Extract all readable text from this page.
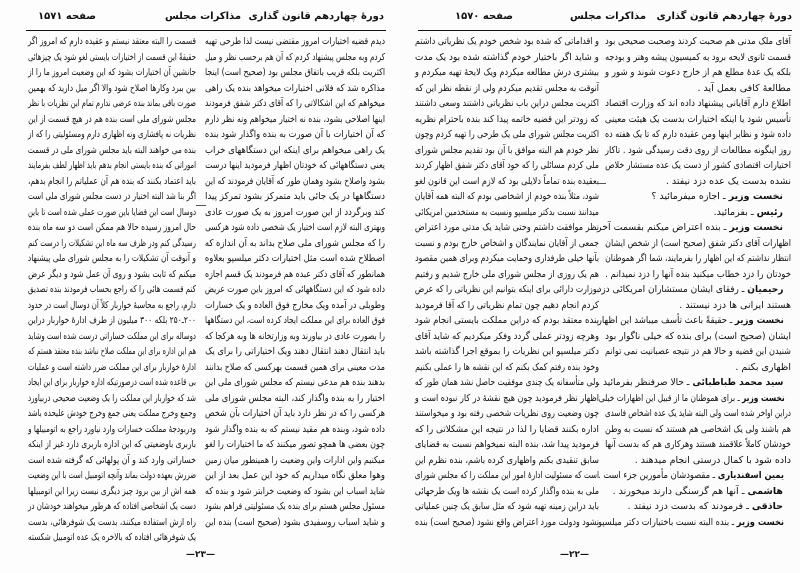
صفحه ۱۵۷۱	مذاکرات مجلس دورهٔ چهاردهم قانون گذاری
دیدم قضیه اختیارات امروز مقتضی نیست لذا طرحی تهیه
کردم وبه مجلس پیشنهاد کردم که آن هم برحسب نظر و میل
اکثریت بلکه قریب باتفاق مجلس بود (صحیح است) اینجا
مذاکره شد که فلانی اختیارات میخواهد بنده یک راهی
میخواهم که این اشکالاتی را که آقای دکتر شفق فرمودند
اینها اصلاحی بشود، بنده نه اختیار میخواهم ونه نظر دارم
که آن اختیارات با آن صورت به بنده واگذار شود بنده
یک راهی میخواهم برای اینکه این دستگاههای خراب
یعنی دستگاههائی که خودتان اظهار فرمودید اینها درست
بشود واصلاح بشود وهمان طور که آقایان فرمودند که این
دستگاهها در یک جائی باید متمرکز بشود تمرکز پیدا
کند وبرگردد از این صورت امروز به یک صورت عادی
وبهتری البته لازم است اختیار یک شخصی داده شود هرکسی
را که مجلس شورای ملی صلاح بداند به آن اندازه که
اصطلاح شده است مثل اختیارات دکتر میلسپو بعلاوه
همانطور که آقای دکتر عبده هم فرمودند یک قسم اجازه
داده شود که این دستگاههائی که امروز باین صورت عریض
وطویلی در آمده ویک مخارج فوق العاده و یک خسارات
فوق العاده برای این مملکت ایجاد کرده است، این دستگاهها
را بصورت عادی در بیاورند وبه وزارتخانه ها وبه هرکجا که
باید انتقال دهند انتقال دهند ویک اختیاراتی را برای یک
مدت معینی برای همین قسمت بهرکسی که صلاح بدانند
بدهند بنده هم مدعی نیستم که مجلس شورای ملی این
اختیار را به بنده واگذار کند، البته مجلس شورای ملی
هرکسی را که در نظر دارد باید آن اختیارات بآن شخص
داده شود، وبنده هم مقید نیستم که به بنده واگذار شود
چون بعضی ها همچو تصور میکنند که ما اختیارات را لغو
میکنیم واین ادارات واین وضعیت را همینطور میان زمین
وهوا معلق نگاه میداریم که خود این عمل بعد از این
شاید اسباب این بشود که وضعیت خرابتر شود و بنده که
مسئول مجلس هستم برای بنده یک مسئولیتی فراهم بشود
و شاید اسباب روسفیدی بشود (صحیح است) بنده این
قسمت را البته معتقد نیستم و عقیده دارم که امروز اگر
حقیقةً این قسمت از اختیارات بایستی لغو شود یک چیزهائی
جانشین آن اختیارات بشود که این وضعیت امروز ما را از
بین ببرد وکارها اصلاح شود والا اگر میل دارید که بهمین
صورت باقی بماند بنده عرضی ندارم تمام این نظریات با نظر
مجلس شورای ملی است بنده هم در هیچ قسمت از این
نظریات نه پافشاری ونه اظهاری دارم ومسئولیتی را که از
بنده می خواهند البته باید مجلس شورای ملی در قسمت
اموراتی که بنده بایستی انجام بدهم باید اظهار لطف بفرمایند
باید اعتماد بکنند که بنده هم آن عملیاتم را انجام بدهم،
اگر بنا شد البته اختیار در دست مجلس شورای ملی است
دوسال است این قضایا باین صورت عملی شده است تا باین
حال امروز رسیده حالا هم ممکن است دو سه ماه بنده
رسیدگی کنم ودر ظرف سه ماه این تشکیلات را درست کنم
و آنوقت آن تشکیلات را به مجلس شورای ملی پیشنهاد
میکنم که ثابت بشود و روی آن عمل شود و دیگر عرض
کنم قسمت هائی را که راجع بحساب فرمودند بنده تصدیق
دارم، راجع به محاسبهٔ خواربار کلاً آن دوسال است در حدود
۲۰۰ـ۲۵۰ بلکه ۳۰۰ میلیون از طرف ادارهٔ خواربار دراین
دوساله برای این مملکت خساراتی درست شده است وشاید
هم این اداره برای این مملکت صلاح نباشد بنده معتقد هستم که
ادارهٔ خواربار برای این مملکت ضرر داشته است و عملیات
بی قاعده شده است درصورتیکه اداره خواربار برای این ایجاد
شد که خواربار این مملکت را یک وضعیت صحیحی دربیاورد
وجمع وخرج مملکت یعنی جمع وخرج خودش علیحده باشد
ودربودجهٔ مملکت خسارات وارد نیاورد راجع به اتومبیلها و
باربری باوضعیتی که این اداره باربری دارد غیر از اینکه
خساراتی وارد کند و آن پولهائی که گرفته شده است
ضررش بعهده دولت بماند وآنچه اتومبیل است با این وضعیت
همه اش از بین برود چیز دیگری نیست زیرا این اتومبیلها
دست یک اشخاصی افتاده که هرطور میخواهند خودشان در
راه ازش استفاده میکنند، بدست یک شوفرهائی، بدست
یک شوفرهائی افتاده که بالاخره یک عده اتومبیل شکسته
—۲۳—
صفحه ۱۵۷۰	مذاکرات مجلس دورهٔ چهاردهم قانون گذاری
آقای ملک مدنی هم صحبت کردند وصحبت صحیحی بود
قسمت ثانوی لایحه برود به کمیسیون پیشه وهنر و بودجه
بلکه یک عدهٔ مطلع هم از خارج دعوت شوند و شور و
مطالعهٔ کافی بعمل آید .
اطلاع دارم آقایانی پیشنهاد داده اند که وزارت اقتصاد
تأسیس شود یا اینکه اختیارات بدست یک هیئت معینی
داده شود و نظایر اینها ومن عقیده دارم که تا یک هفته ده
روز اینگونه مطالعات از روی دقت رسیدگی شود . تاکار
اختیارات اقتصادی کشور از دست یک عده مستشار خلاص
نشده بدست یک عده دزد نیفتد .
نخست وزیر ـ اجازه میفرمائید ؟
رئیس ـ بفرمائید.
نخست وزیر ـ بنده اعتراض میکنم بقسمت آخر
اظهارات آقای دکتر شفق (صحیح است) از شخص ایشان
انتظار نداشتم که این اظهار را بفرمایند، شما اگر هموطنان
خودتان را دزد خطاب میکنید بنده آنها را دزد نمیدانم .
رحیمیان ـ رفقای ایشان مستشاران امریکائی دزد
هستند ایرانی ها دزد نیستند .
نخست وزیر ـ حقیقةً باعث تأسف میباشد این اظهار
ایشان (صحیح است) برای بنده که خیلی ناگوار بود
شنیدن این قضیه و حالا هم در نتیجه عصبانیت نمی توانم
اظهاری بکنم .
سید محمد طباطبائی ـ حالا صرفنظر بفرمائید .
نخست وزیر ـ برای هموطنان ما از قبیل این اظهارات خیلی
دراین اواخر شده است ولی البته شاید یک عده اشخاص فاسدی
هم باشند ولی یک اشخاصی هم هستند که نسبت به وطن
خودشان کاملاً علاقمند هستند وهرکاری هم که بدست آنها
داده شود با کمال درستی انجام میدهند .
یمین اسفندیاری ـ مقصودشان مأمورین جزء است .
هاشمی ـ آنها هم گرسنگی دارند میخورند .
حاذقی ـ فرمودند که بدست دزد نیفتد .
نخست وزیر ـ بنده البته نسبت باختیارات دکتر میلسپو
و اقداماتی که شده بود شخص خودم یک نظریاتی داشتم
و شاید اگر باختیار خودم گذاشته شده بود یک مدت
بیشتری درش مطالعه میکردم ویک لایحهٔ تهیه میکردم و
آنوقت به مجلس تقدیم میکردم ولی از نقطه نظر این که
اکثریت مجلس دراین باب نظریاتی داشتند وسعی داشتند
که زودتر این قضیه خاتمه پیدا کند بنده باحترام نظریه
اکثریت مجلس شورای ملی یک طرحی را تهیه کردم وچون
نظر خودم هم البته موافق با آن بود تقدیم مجلس شورای
ملی کردم مسائلی را که خود آقای دکتر شفق اظهار کردند
بعقیده بنده تماماً دلایلی بود که لازم است این قانون لغو
شود، مثلاً بنده خودم از اشخاصی بودم که البته همه آقایان
میدانند نسبت بدکتر میلسپو ونسبت به مستخدمین امریکائی
نظر موافقت داشتم وحتی شاید یک مدتی مورد اعتراض
جمعی از آقایان نمایندگان و اشخاص خارج بودم و نسبت
بآنها خیلی طرفداری وحمایت میکردم وبرای همین مقصود
هم یک روزی از مجلس شورای ملی خارج شدیم و رفتیم
بوزارت دارائی برای اینکه بتوانیم این نظریاتی را که عرض
کردم انجام دهیم چون تمام نظریاتی را که آقا فرمودید
بنده معتقد بودم که دراین مملکت بایستی انجام شود
وهرچه زودتر عملی گردد وفکر میکردیم که شاید آقای
دکتر میلسپو این نظریات را بموقع اجرا گذاشته باشد
وخود بنده رفتم کمک بکنم که این نقشه ها را عملی بکنیم
ولی متأسفانه یک چندی موفقیت حاصل نشد همان طور که
اظهار نظر فرمودید چون هیچ نقشهٔ در کار نبوده است و
چون وضعیت روی نظریات شخصی رفته بود و میخواستند
اداره بکنند قضایا را لذا در نتیجه این مشکلاتی را که
فرمودید پیدا شد، بنده البته نمیخواهم نسبت به قضایای
سابق تنقیدی بکنم واظهاری کرده باشم، بنده نظرم این
است که مسئولیت ادارهٔ امور این مملکت را که مجلس شورای
ملی به بنده واگذار کرده است یک نقشه ها ویک طرحهائی
باید دراین زمینه تهیه شود که مثل سابق یک چنین عملیاتی
نشود ودولت مورد اعتراض واقع نشود (صحیح است) بنده
—۲۲—
